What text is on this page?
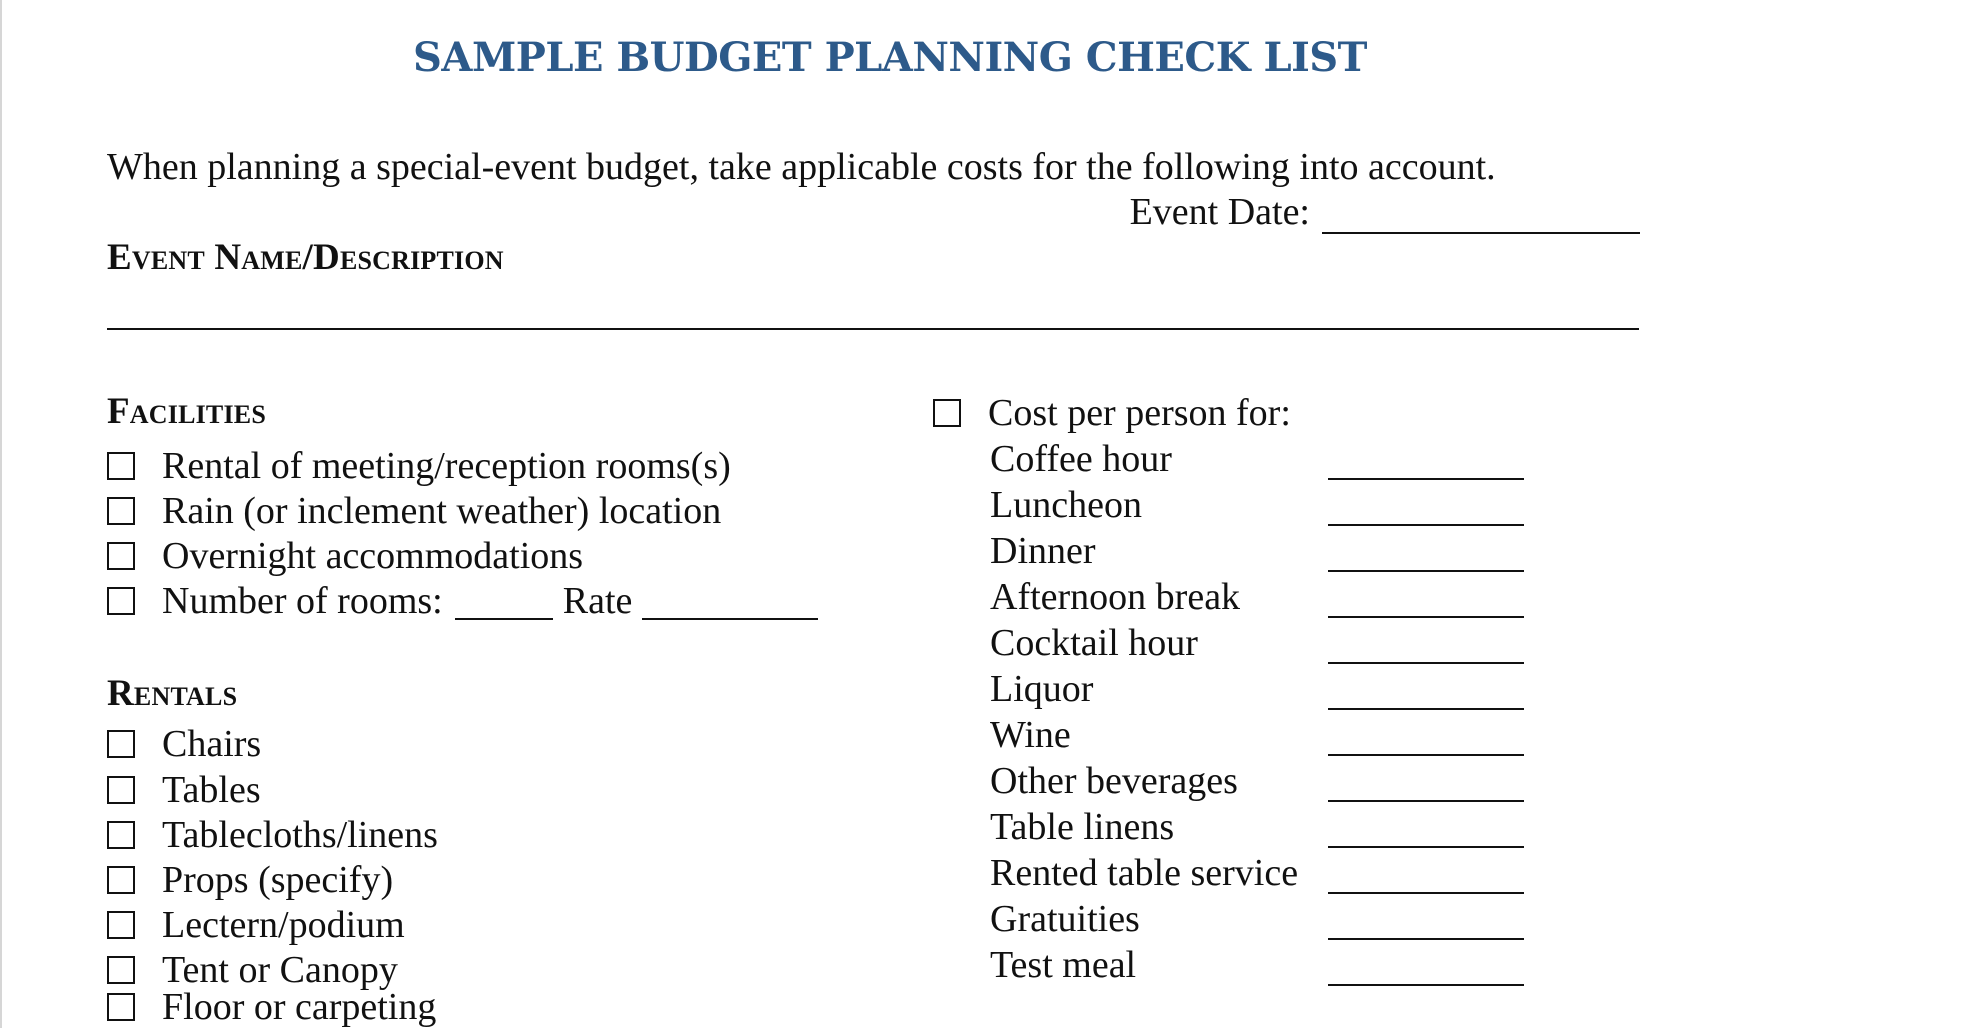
SAMPLE BUDGET PLANNING CHECK LIST
When planning a special-event budget, take applicable costs for the following into account.
Event Date:
Event Name/Description
Facilities
Rental of meeting/reception rooms(s)
Rain (or inclement weather) location
Overnight accommodations
Number of rooms:	Rate
Rentals
Chairs
Tables
Tablecloths/linens
Props (specify)
Lectern/podium
Tent or Canopy
Floor or carpeting
Cost per person for:
Coffee hour
Luncheon
Dinner
Afternoon break
Cocktail hour
Liquor
Wine
Other beverages
Table linens
Rented table service
Gratuities
Test meal
